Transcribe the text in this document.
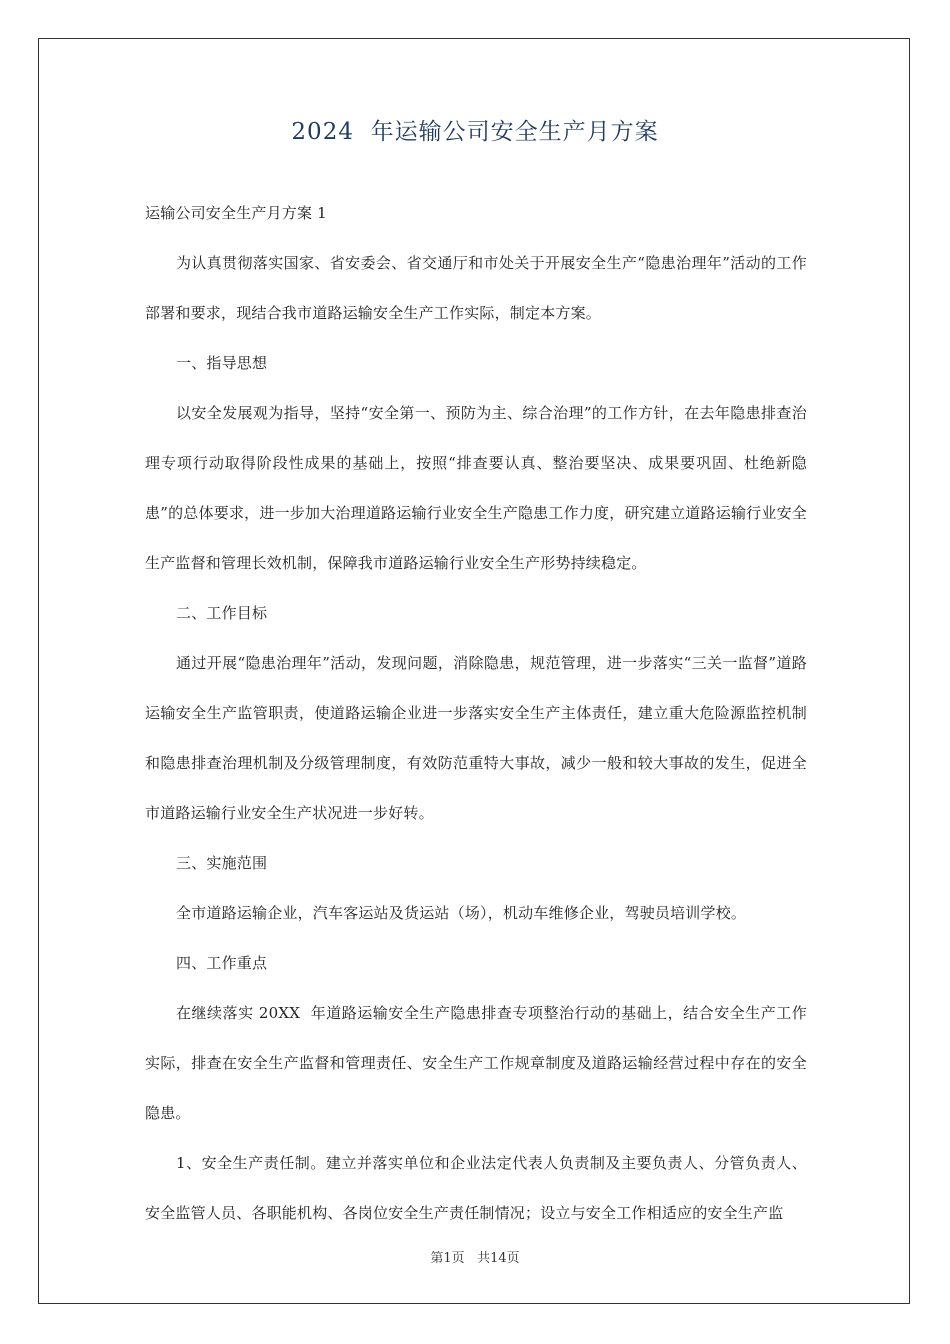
2024  年运输公司安全生产月方案

运输公司安全生产月方案 1

为认真贯彻落实国家、省安委会、省交通厅和市处关于开展安全生产“隐患治理年”活动的工作部署和要求，现结合我市道路运输安全生产工作实际，制定本方案。

一、指导思想

以安全发展观为指导，坚持“安全第一、预防为主、综合治理”的工作方针，在去年隐患排查治理专项行动取得阶段性成果的基础上，按照“排查要认真、整治要坚决、成果要巩固、杜绝新隐患”的总体要求，进一步加大治理道路运输行业安全生产隐患工作力度，研究建立道路运输行业安全生产监督和管理长效机制，保障我市道路运输行业安全生产形势持续稳定。

二、工作目标

通过开展“隐患治理年”活动，发现问题，消除隐患，规范管理，进一步落实“三关一监督”道路运输安全生产监管职责，使道路运输企业进一步落实安全生产主体责任，建立重大危险源监控机制和隐患排查治理机制及分级管理制度，有效防范重特大事故，减少一般和较大事故的发生，促进全市道路运输行业安全生产状况进一步好转。

三、实施范围

全市道路运输企业，汽车客运站及货运站（场），机动车维修企业，驾驶员培训学校。

四、工作重点

在继续落实 20XX  年道路运输安全生产隐患排查专项整治行动的基础上，结合安全生产工作实际，排查在安全生产监督和管理责任、安全生产工作规章制度及道路运输经营过程中存在的安全隐患。

1、安全生产责任制。建立并落实单位和企业法定代表人负责制及主要负责人、分管负责人、安全监管人员、各职能机构、各岗位安全生产责任制情况；设立与安全工作相适应的安全生产监

第1页 共14页
